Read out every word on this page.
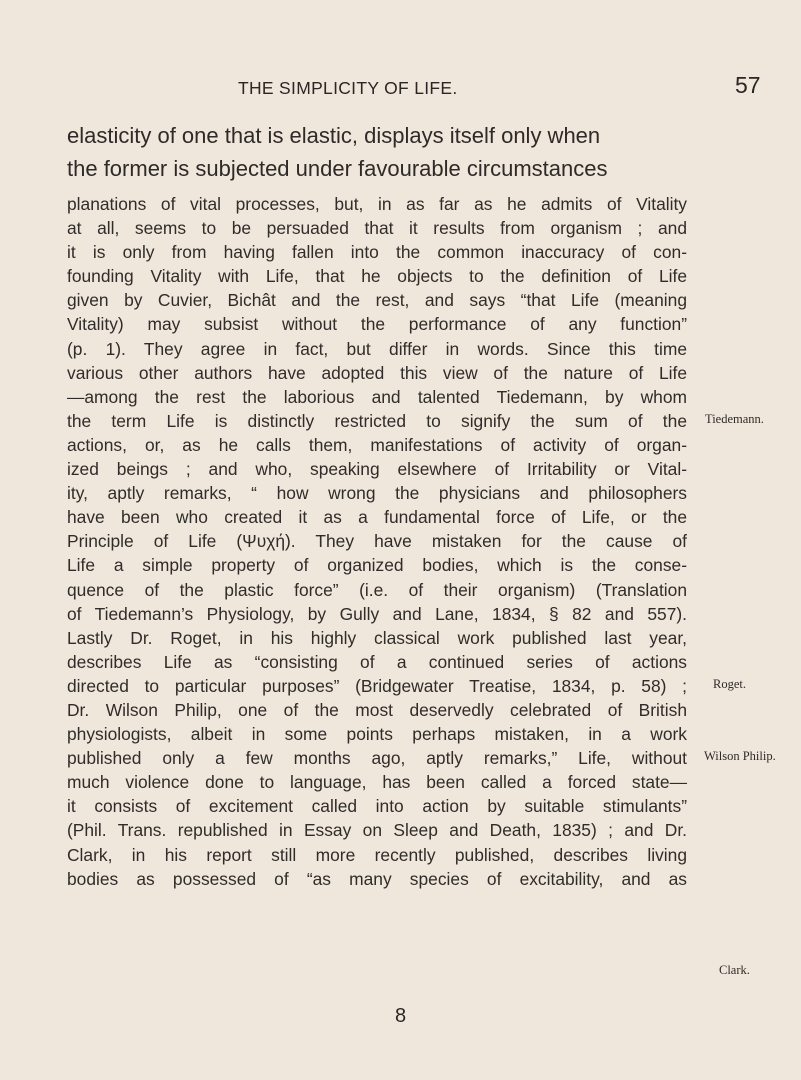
THE SIMPLICITY OF LIFE.	57
elasticity of one that is elastic, displays itself only when
the former is subjected under favourable circumstances
planations of vital processes, but, in as far as he admits of Vitality
at all, seems to be persuaded that it results from organism ; and
it is only from having fallen into the common inaccuracy of con-
founding Vitality with Life, that he objects to the definition of Life
given by Cuvier, Bichât and the rest, and says “that Life (meaning
Vitality) may subsist without the performance of any function”
(p. 1). They agree in fact, but differ in words. Since this time
various other authors have adopted this view of the nature of Life
—among the rest the laborious and talented Tiedemann, by whom
the term Life is distinctly restricted to signify the sum of the
actions, or, as he calls them, manifestations of activity of organ-
ized beings ; and who, speaking elsewhere of Irritability or Vital-
ity, aptly remarks, “ how wrong the physicians and philosophers
have been who created it as a fundamental force of Life, or the
Principle of Life (Ψυχή). They have mistaken for the cause of
Life a simple property of organized bodies, which is the conse-
quence of the plastic force” (i.e. of their organism) (Translation
of Tiedemann’s Physiology, by Gully and Lane, 1834, § 82 and 557).
Lastly Dr. Roget, in his highly classical work published last year,
describes Life as “consisting of a continued series of actions
directed to particular purposes” (Bridgewater Treatise, 1834, p. 58) ;
Dr. Wilson Philip, one of the most deservedly celebrated of British
physiologists, albeit in some points perhaps mistaken, in a work
published only a few months ago, aptly remarks,” Life, without
much violence done to language, has been called a forced state—
it consists of excitement called into action by suitable stimulants”
(Phil. Trans. republished in Essay on Sleep and Death, 1835) ; and Dr.
Clark, in his report still more recently published, describes living
bodies as possessed of “as many species of excitability, and as
Tiedemann.
Roget.
Wilson Philip.
Clark.
8
